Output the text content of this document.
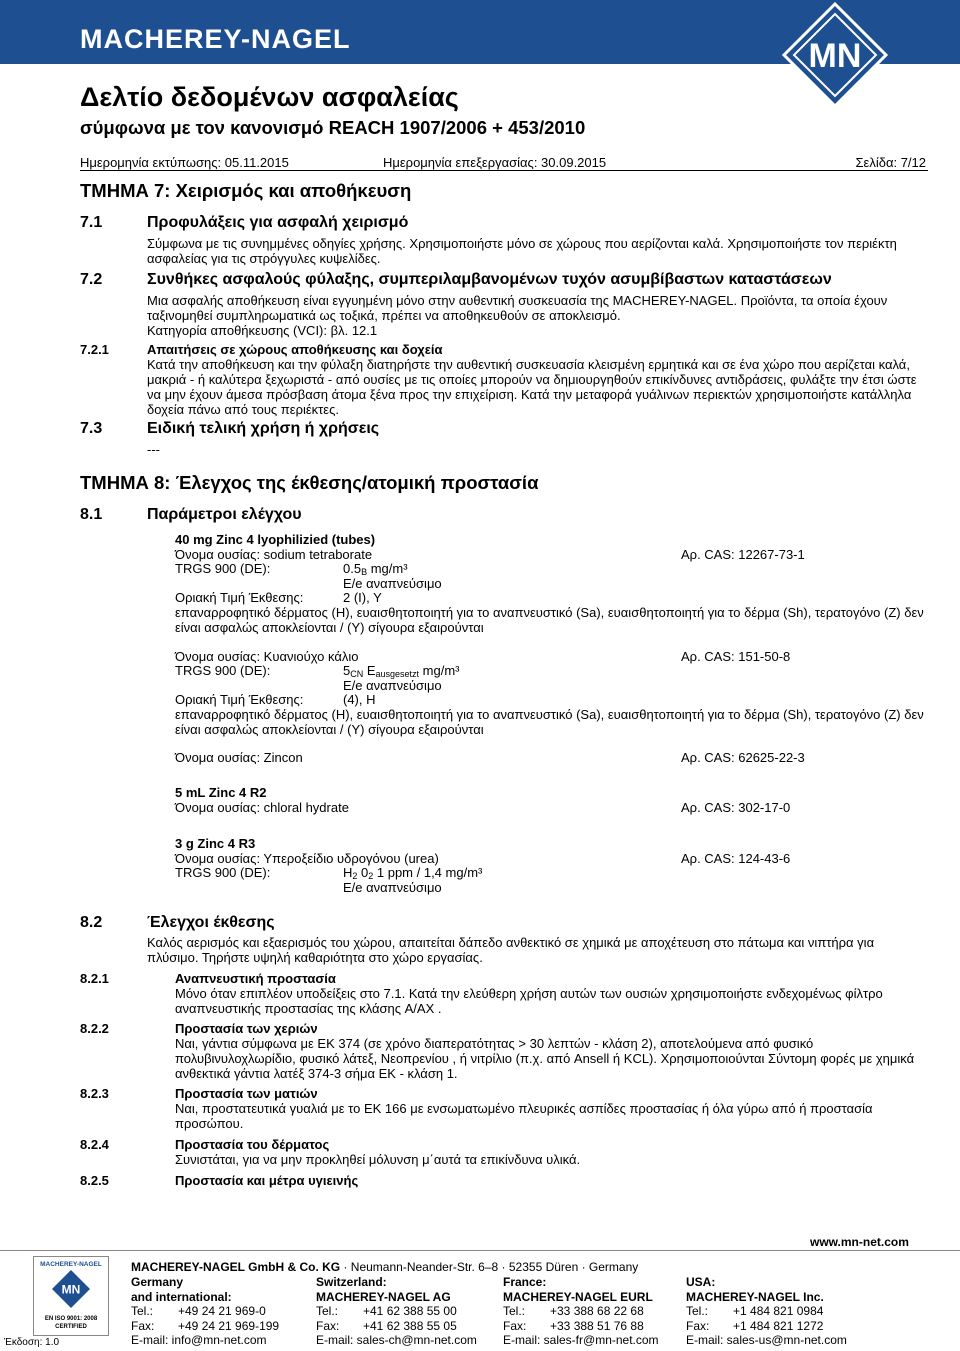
MACHEREY-NAGEL	MN
Δελτίο δεδομένων ασφαλείας
σύμφωνα με τον κανονισμό REACH 1907/2006 + 453/2010
Ημερομηνία εκτύπωσης: 05.11.2015	Ημερομηνία επεξεργασίας: 30.09.2015	Σελίδα: 7/12
ΤΜΗΜΑ 7: Χειρισμός και αποθήκευση
7.1	Προφυλάξεις για ασφαλή χειρισμό
Σύμφωνα με τις συνημμένες οδηγίες χρήσης. Χρησιμοποιήστε μόνο σε χώρους που αερίζονται καλά. Χρησιμοποιήστε τον περιέκτη ασφαλείας για τις στρόγγυλες κυψελίδες.
7.2	Συνθήκες ασφαλούς φύλαξης, συμπεριλαμβανομένων τυχόν ασυμβίβαστων καταστάσεων
Μια ασφαλής αποθήκευση είναι εγγυημένη μόνο στην αυθεντική συσκευασία της MACHEREY-NAGEL. Προϊόντα, τα οποία έχουν ταξινομηθεί συμπληρωματικά ως τοξικά, πρέπει να αποθηκευθούν σε αποκλεισμό.
Κατηγορία αποθήκευσης (VCI): βλ. 12.1
7.2.1	Απαιτήσεις σε χώρους αποθήκευσης και δοχεία
Κατά την αποθήκευση και την φύλαξη διατηρήστε την αυθεντική συσκευασία κλεισμένη ερμητικά και σε ένα χώρο που αερίζεται καλά, μακριά - ή καλύτερα ξεχωριστά - από ουσίες με τις οποίες μπορούν να δημιουργηθούν επικίνδυνες αντιδράσεις, φυλάξτε την έτσι ώστε να μην έχουν άμεσα πρόσβαση άτομα ξένα προς την επιχείριση. Κατά την μεταφορά γυάλινων περιεκτών χρησιμοποιήστε κατάλληλα δοχεία πάνω από τους περιέκτες.
7.3	Ειδική τελική χρήση ή χρήσεις
---
ΤΜΗΜΑ 8: Έλεγχος της έκθεσης/ατομική προστασία
8.1	Παράμετροι ελέγχου
40 mg Zinc 4 lyophilizied (tubes)
Όνομα ουσίας: sodium tetraborate	Αρ. CAS: 12267-73-1
TRGS 900 (DE):	$0.5_B$ mg/m³
E/e αναπνεύσιμο
Οριακή Τιμή Έκθεσης:	2 (I), Y
επαναρροφητικό δέρματος (H), ευαισθητοποιητή για το αναπνευστικό (Sa), ευαισθητοποιητή για το δέρμα (Sh), τερατογόνο (Z) δεν είναι ασφαλώς αποκλείονται / (Y) σίγουρα εξαιρούνται
Όνομα ουσίας: Κυανιούχο κάλιο	Αρ. CAS: 151-50-8
TRGS 900 (DE):	$5_{CN}$ $E_{ausgesetzt}$ mg/m³
E/e αναπνεύσιμο
Οριακή Τιμή Έκθεσης:	(4), H
επαναρροφητικό δέρματος (H), ευαισθητοποιητή για το αναπνευστικό (Sa), ευαισθητοποιητή για το δέρμα (Sh), τερατογόνο (Z) δεν είναι ασφαλώς αποκλείονται / (Y) σίγουρα εξαιρούνται
Όνομα ουσίας: Zincon	Αρ. CAS: 62625-22-3
5 mL Zinc 4 R2
Όνομα ουσίας: chloral hydrate	Αρ. CAS: 302-17-0
3 g Zinc 4 R3
Όνομα ουσίας: Υπεροξείδιο υδρογόνου (urea)	Αρ. CAS: 124-43-6
TRGS 900 (DE):	$H_2$ $0_2$ 1 ppm / 1,4 mg/m³
E/e αναπνεύσιμο
8.2	Έλεγχοι έκθεσης
Καλός αερισμός και εξαερισμός του χώρου, απαιτείται δάπεδο ανθεκτικό σε χημικά με αποχέτευση στο πάτωμα και νιπτήρα για πλύσιμο. Τηρήστε υψηλή καθαριότητα στο χώρο εργασίας.
8.2.1	Αναπνευστική προστασία
Μόνο όταν επιπλέον υποδείξεις στο 7.1. Κατά την ελεύθερη χρήση αυτών των ουσιών χρησιμοποιήστε ενδεχομένως φίλτρο αναπνευστικής προστασίας της κλάσης A/AX .
8.2.2	Προστασία των χεριών
Ναι, γάντια σύμφωνα με ΕΚ 374 (σε χρόνο διαπερατότητας > 30 λεπτών - κλάση 2), αποτελούμενα από φυσικό πολυβινυλοχλωρίδιο, φυσικό λάτεξ, Νεοπρενίου , ή νιτρίλιο (π.χ. από Ansell ή KCL). Χρησιμοποιούνται Σύντομη φορές με χημικά ανθεκτικά γάντια λατέξ 374-3 σήμα ΕΚ - κλάση 1.
8.2.3	Προστασία των ματιών
Ναι, προστατευτικά γυαλιά με το ΕΚ 166 με ενσωματωμένο πλευρικές ασπίδες προστασίας ή όλα γύρω από ή προστασία προσώπου.
8.2.4	Προστασία του δέρματος
Συνιστάται, για να μην προκληθεί μόλυνση μ΄αυτά τα επικίνδυνα υλικά.
8.2.5	Προστασία και μέτρα υγιεινής
MACHEREY-NAGEL
MN
EN ISO 9001: 2008
CERTIFIED
Έκδοση: 1.0
MACHEREY-NAGEL GmbH & Co. KG · Neumann-Neander-Str. 6–8 · 52355 Düren · Germany
www.mn-net.com
Germany
and international:
Tel.:	+49 24 21 969-0
Fax:	+49 24 21 969-199
E-mail: info@mn-net.com
Switzerland:
MACHEREY-NAGEL AG
Tel.:	+41 62 388 55 00
Fax:	+41 62 388 55 05
E-mail: sales-ch@mn-net.com
France:
MACHEREY-NAGEL EURL
Tel.:	+33 388 68 22 68
Fax:	+33 388 51 76 88
E-mail: sales-fr@mn-net.com
USA:
MACHEREY-NAGEL Inc.
Tel.:	+1 484 821 0984
Fax:	+1 484 821 1272
E-mail: sales-us@mn-net.com
